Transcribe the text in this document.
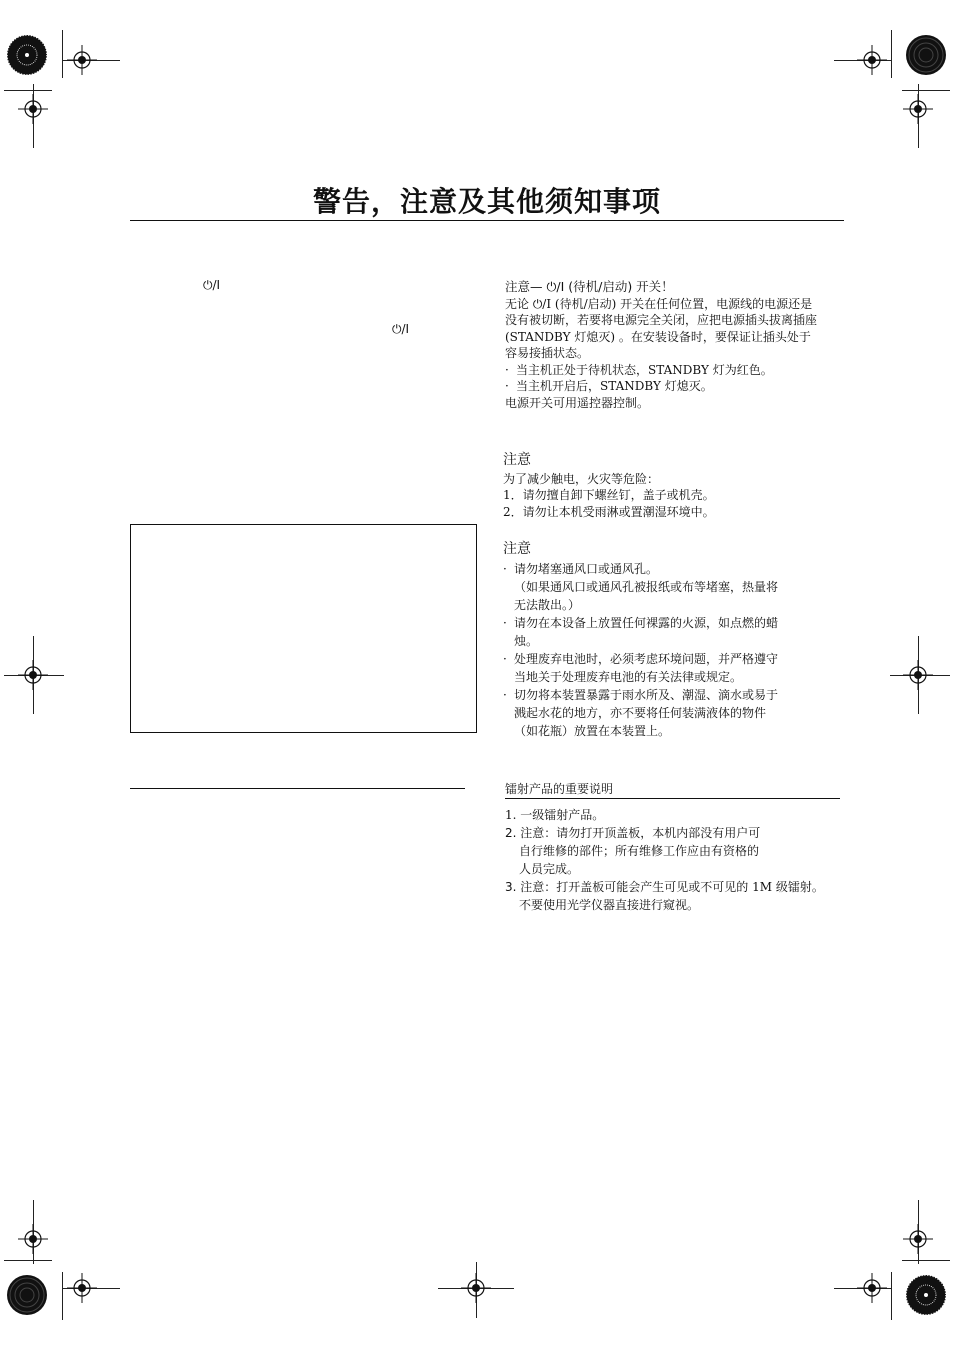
警告，注意及其他须知事项
⏻/I
⏻/I
注意— ⏻/I (待机/启动) 开关！
无论 ⏻/I (待机/启动) 开关在任何位置，电源线的电源还是
没有被切断，若要将电源完全关闭，应把电源插头拔离插座
(STANDBY 灯熄灭) 。在安装设备时，要保证让插头处于
容易接插状态。
· 当主机正处于待机状态，STANDBY 灯为红色。
· 当主机开启后，STANDBY 灯熄灭。
电源开关可用遥控器控制。
注意
为了减少触电，火灾等危险：
1．请勿擅自卸下螺丝钉，盖子或机壳。
2．请勿让本机受雨淋或置潮湿环境中。
注意
· 请勿堵塞通风口或通风孔。
（如果通风口或通风孔被报纸或布等堵塞，热量将
无法散出。）
· 请勿在本设备上放置任何裸露的火源，如点燃的蜡
烛。
· 处理废弃电池时，必须考虑环境问题，并严格遵守
当地关于处理废弃电池的有关法律或规定。
· 切勿将本装置暴露于雨水所及、潮湿、滴水或易于
溅起水花的地方，亦不要将任何装满液体的物件
（如花瓶）放置在本装置上。
镭射产品的重要说明
1. 一级镭射产品。
2. 注意：请勿打开顶盖板，本机内部没有用户可
自行维修的部件；所有维修工作应由有资格的
人员完成。
3. 注意：打开盖板可能会产生可见或不可见的 1M 级镭射。
不要使用光学仪器直接进行窥视。
